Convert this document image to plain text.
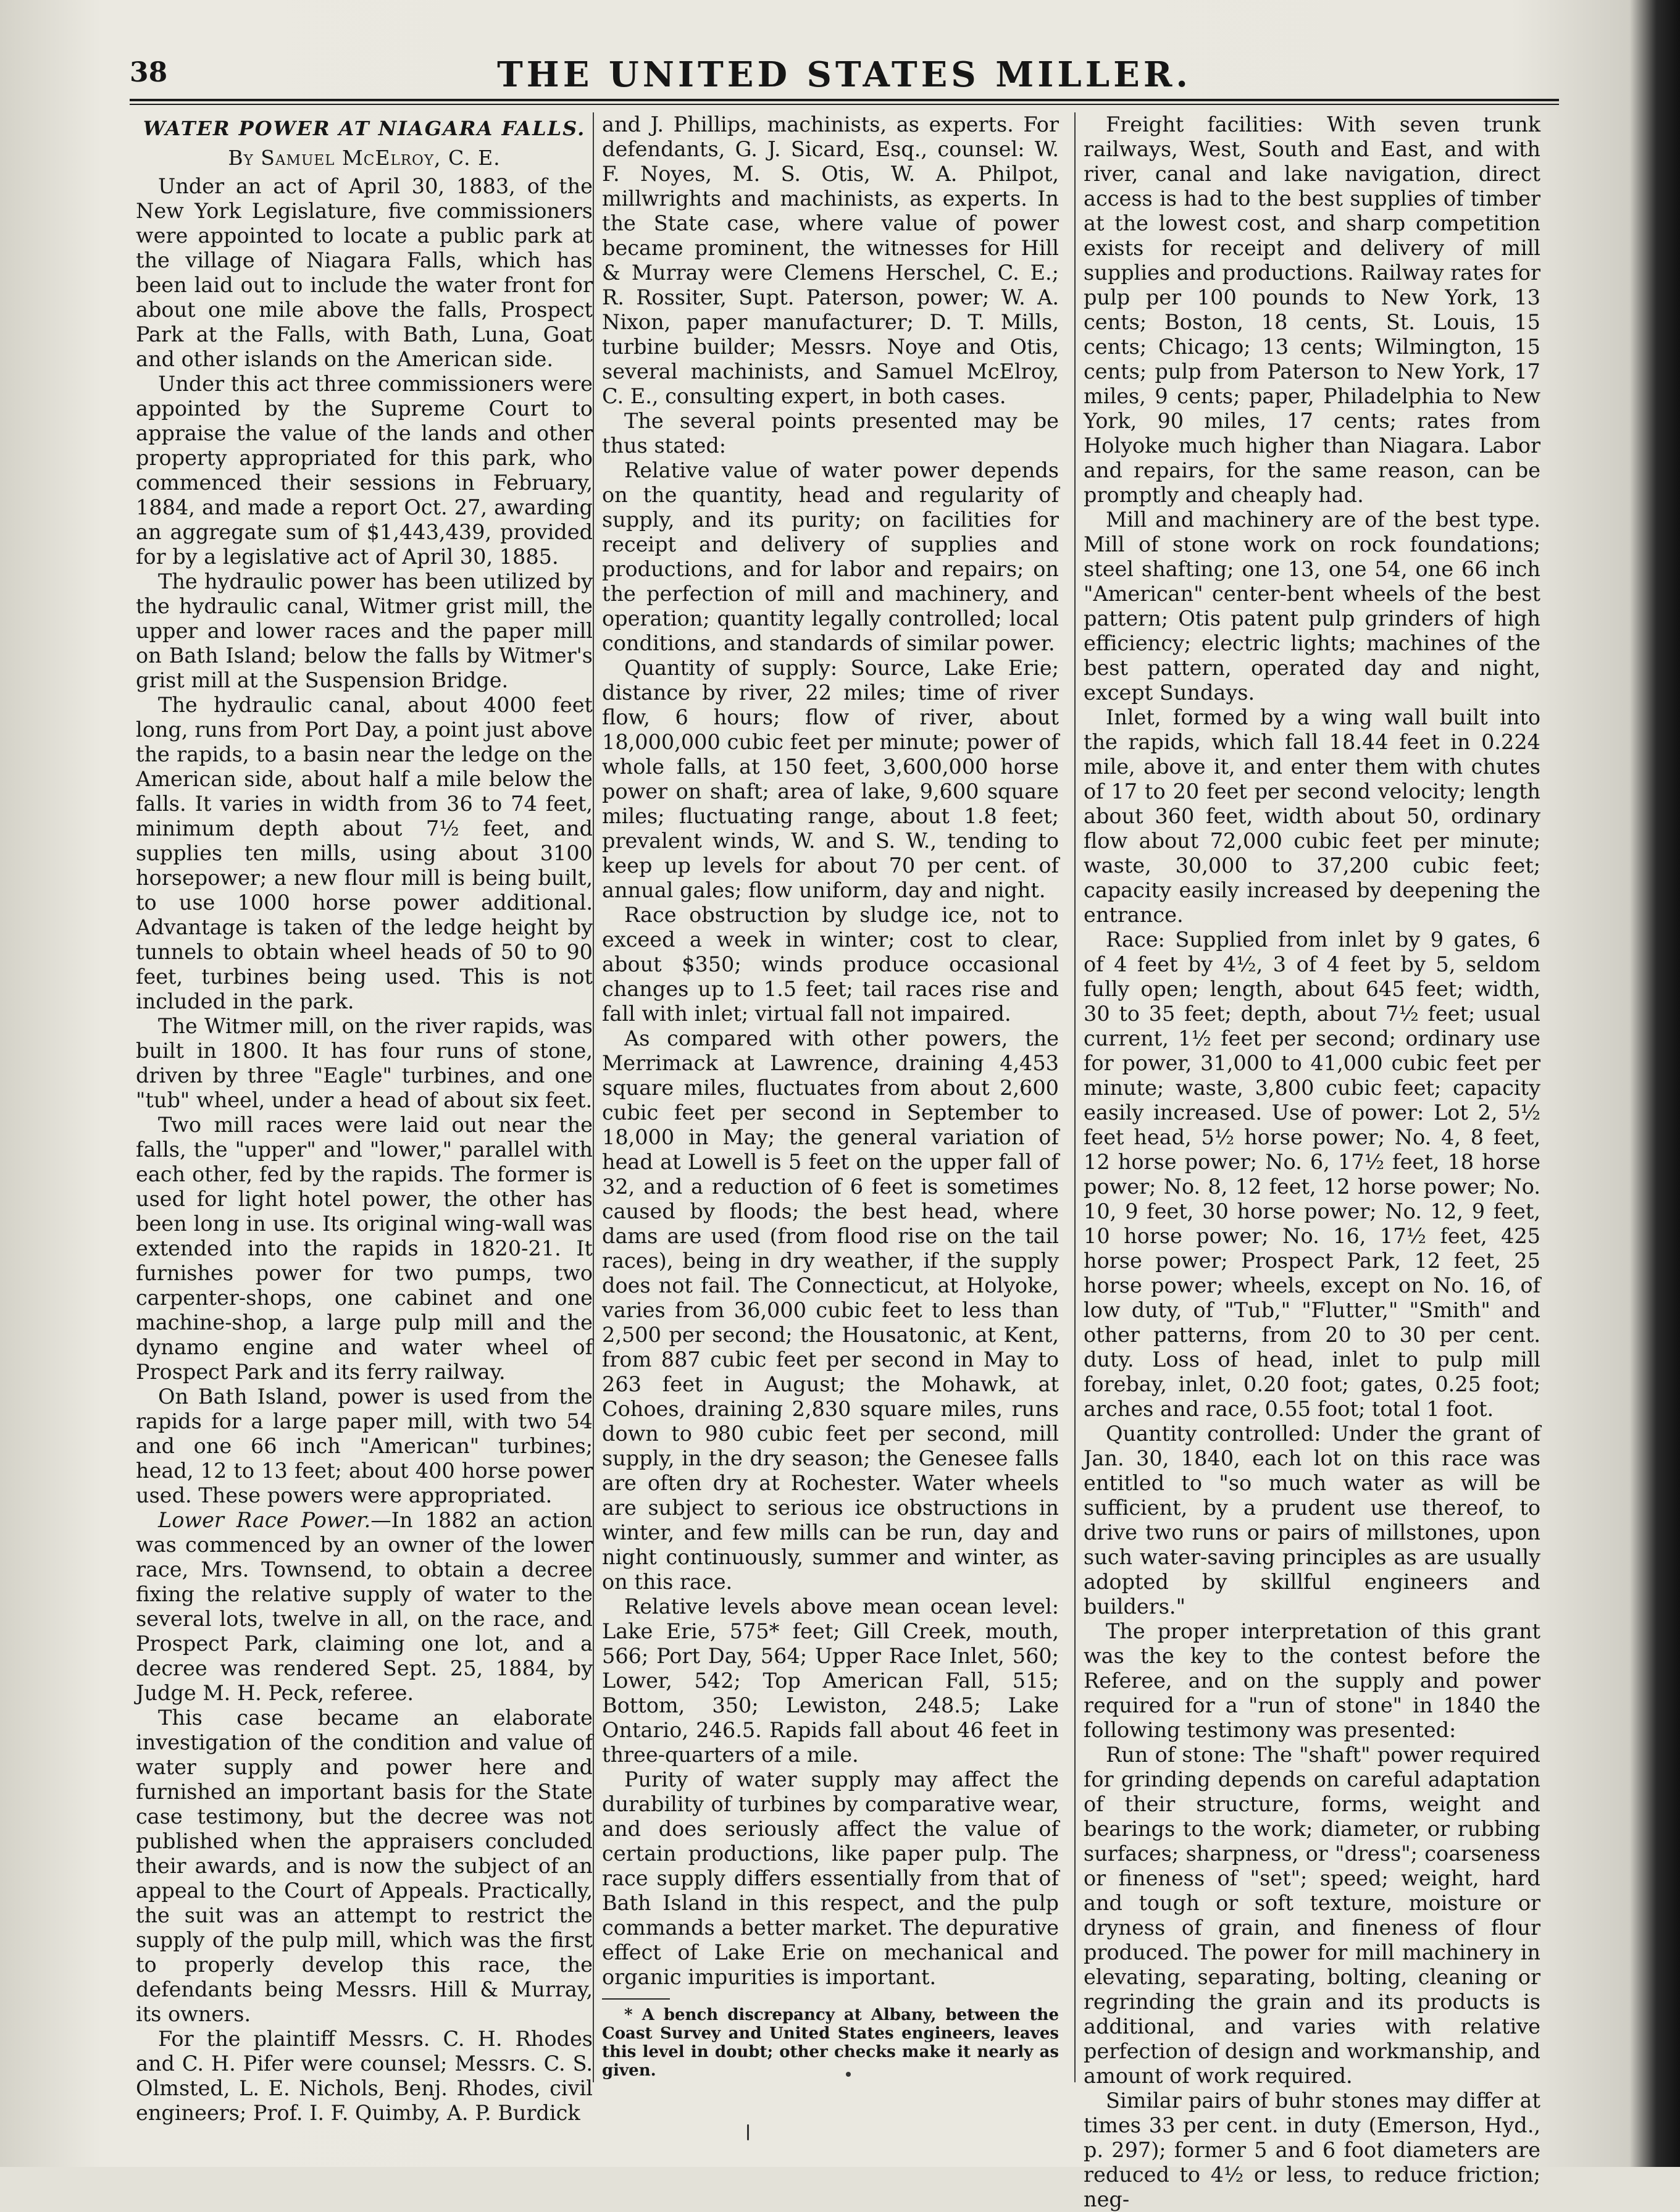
38	THE UNITED STATES MILLER.
WATER POWER AT NIAGARA FALLS.
By Samuel McElroy, C. E.

Under an act of April 30, 1883, of the New York Legislature, five commissioners were appointed to locate a public park at the village of Niagara Falls, which has been laid out to include the water front for about one mile above the falls, Prospect Park at the Falls, with Bath, Luna, Goat and other islands on the American side.

Under this act three commissioners were appointed by the Supreme Court to appraise the value of the lands and other property appropriated for this park, who commenced their sessions in February, 1884, and made a report Oct. 27, awarding an aggregate sum of $1,443,439, provided for by a legislative act of April 30, 1885.

The hydraulic power has been utilized by the hydraulic canal, Witmer grist mill, the upper and lower races and the paper mill on Bath Island; below the falls by Witmer's grist mill at the Suspension Bridge.

The hydraulic canal, about 4000 feet long, runs from Port Day, a point just above the rapids, to a basin near the ledge on the American side, about half a mile below the falls. It varies in width from 36 to 74 feet, minimum depth about 7½ feet, and supplies ten mills, using about 3100 horsepower; a new flour mill is being built, to use 1000 horse power additional. Advantage is taken of the ledge height by tunnels to obtain wheel heads of 50 to 90 feet, turbines being used. This is not included in the park.

The Witmer mill, on the river rapids, was built in 1800. It has four runs of stone, driven by three "Eagle" turbines, and one "tub" wheel, under a head of about six feet.

Two mill races were laid out near the falls, the "upper" and "lower," parallel with each other, fed by the rapids. The former is used for light hotel power, the other has been long in use. Its original wing-wall was extended into the rapids in 1820-21. It furnishes power for two pumps, two carpenter-shops, one cabinet and one machine-shop, a large pulp mill and the dynamo engine and water wheel of Prospect Park and its ferry railway.

On Bath Island, power is used from the rapids for a large paper mill, with two 54 and one 66 inch "American" turbines; head, 12 to 13 feet; about 400 horse power used. These powers were appropriated.

Lower Race Power.—In 1882 an action was commenced by an owner of the lower race, Mrs. Townsend, to obtain a decree fixing the relative supply of water to the several lots, twelve in all, on the race, and Prospect Park, claiming one lot, and a decree was rendered Sept. 25, 1884, by Judge M. H. Peck, referee.

This case became an elaborate investigation of the condition and value of water supply and power here and furnished an important basis for the State case testimony, but the decree was not published when the appraisers concluded their awards, and is now the subject of an appeal to the Court of Appeals. Practically, the suit was an attempt to restrict the supply of the pulp mill, which was the first to properly develop this race, the defendants being Messrs. Hill & Murray, its owners.

For the plaintiff Messrs. C. H. Rhodes and C. H. Pifer were counsel; Messrs. C. S. Olmsted, L. E. Nichols, Benj. Rhodes, civil engineers; Prof. I. F. Quimby, A. P. Burdick

and J. Phillips, machinists, as experts. For defendants, G. J. Sicard, Esq., counsel: W. F. Noyes, M. S. Otis, W. A. Philpot, millwrights and machinists, as experts. In the State case, where value of power became prominent, the witnesses for Hill & Murray were Clemens Herschel, C. E.; R. Rossiter, Supt. Paterson, power; W. A. Nixon, paper manufacturer; D. T. Mills, turbine builder; Messrs. Noye and Otis, several machinists, and Samuel McElroy, C. E., consulting expert, in both cases.

The several points presented may be thus stated:

Relative value of water power depends on the quantity, head and regularity of supply, and its purity; on facilities for receipt and delivery of supplies and productions, and for labor and repairs; on the perfection of mill and machinery, and operation; quantity legally controlled; local conditions, and standards of similar power.

Quantity of supply: Source, Lake Erie; distance by river, 22 miles; time of river flow, 6 hours; flow of river, about 18,000,000 cubic feet per minute; power of whole falls, at 150 feet, 3,600,000 horse power on shaft; area of lake, 9,600 square miles; fluctuating range, about 1.8 feet; prevalent winds, W. and S. W., tending to keep up levels for about 70 per cent. of annual gales; flow uniform, day and night.

Race obstruction by sludge ice, not to exceed a week in winter; cost to clear, about $350; winds produce occasional changes up to 1.5 feet; tail races rise and fall with inlet; virtual fall not impaired.

As compared with other powers, the Merrimack at Lawrence, draining 4,453 square miles, fluctuates from about 2,600 cubic feet per second in September to 18,000 in May; the general variation of head at Lowell is 5 feet on the upper fall of 32, and a reduction of 6 feet is sometimes caused by floods; the best head, where dams are used (from flood rise on the tail races), being in dry weather, if the supply does not fail. The Connecticut, at Holyoke, varies from 36,000 cubic feet to less than 2,500 per second; the Housatonic, at Kent, from 887 cubic feet per second in May to 263 feet in August; the Mohawk, at Cohoes, draining 2,830 square miles, runs down to 980 cubic feet per second, mill supply, in the dry season; the Genesee falls are often dry at Rochester. Water wheels are subject to serious ice obstructions in winter, and few mills can be run, day and night continuously, summer and winter, as on this race.

Relative levels above mean ocean level: Lake Erie, 575* feet; Gill Creek, mouth, 566; Port Day, 564; Upper Race Inlet, 560; Lower, 542; Top American Fall, 515; Bottom, 350; Lewiston, 248.5; Lake Ontario, 246.5. Rapids fall about 46 feet in three-quarters of a mile.

Purity of water supply may affect the durability of turbines by comparative wear, and does seriously affect the value of certain productions, like paper pulp. The race supply differs essentially from that of Bath Island in this respect, and the pulp commands a better market. The depurative effect of Lake Erie on mechanical and organic impurities is important.

* A bench discrepancy at Albany, between the Coast Survey and United States engineers, leaves this level in doubt; other checks make it nearly as given.

Freight facilities: With seven trunk railways, West, South and East, and with river, canal and lake navigation, direct access is had to the best supplies of timber at the lowest cost, and sharp competition exists for receipt and delivery of mill supplies and productions. Railway rates for pulp per 100 pounds to New York, 13 cents; Boston, 18 cents, St. Louis, 15 cents; Chicago; 13 cents; Wilmington, 15 cents; pulp from Paterson to New York, 17 miles, 9 cents; paper, Philadelphia to New York, 90 miles, 17 cents; rates from Holyoke much higher than Niagara. Labor and repairs, for the same reason, can be promptly and cheaply had.

Mill and machinery are of the best type. Mill of stone work on rock foundations; steel shafting; one 13, one 54, one 66 inch "American" center-bent wheels of the best pattern; Otis patent pulp grinders of high efficiency; electric lights; machines of the best pattern, operated day and night, except Sundays.

Inlet, formed by a wing wall built into the rapids, which fall 18.44 feet in 0.224 mile, above it, and enter them with chutes of 17 to 20 feet per second velocity; length about 360 feet, width about 50, ordinary flow about 72,000 cubic feet per minute; waste, 30,000 to 37,200 cubic feet; capacity easily increased by deepening the entrance.

Race: Supplied from inlet by 9 gates, 6 of 4 feet by 4½, 3 of 4 feet by 5, seldom fully open; length, about 645 feet; width, 30 to 35 feet; depth, about 7½ feet; usual current, 1½ feet per second; ordinary use for power, 31,000 to 41,000 cubic feet per minute; waste, 3,800 cubic feet; capacity easily increased. Use of power: Lot 2, 5½ feet head, 5½ horse power; No. 4, 8 feet, 12 horse power; No. 6, 17½ feet, 18 horse power; No. 8, 12 feet, 12 horse power; No. 10, 9 feet, 30 horse power; No. 12, 9 feet, 10 horse power; No. 16, 17½ feet, 425 horse power; Prospect Park, 12 feet, 25 horse power; wheels, except on No. 16, of low duty, of "Tub," "Flutter," "Smith" and other patterns, from 20 to 30 per cent. duty. Loss of head, inlet to pulp mill forebay, inlet, 0.20 foot; gates, 0.25 foot; arches and race, 0.55 foot; total 1 foot.

Quantity controlled: Under the grant of Jan. 30, 1840, each lot on this race was entitled to "so much water as will be sufficient, by a prudent use thereof, to drive two runs or pairs of millstones, upon such water-saving principles as are usually adopted by skillful engineers and builders."

The proper interpretation of this grant was the key to the contest before the Referee, and on the supply and power required for a "run of stone" in 1840 the following testimony was presented:

Run of stone: The "shaft" power required for grinding depends on careful adaptation of their structure, forms, weight and bearings to the work; diameter, or rubbing surfaces; sharpness, or "dress"; coarseness or fineness of "set"; speed; weight, hard and tough or soft texture, moisture or dryness of grain, and fineness of flour produced. The power for mill machinery in elevating, separating, bolting, cleaning or regrinding the grain and its products is additional, and varies with relative perfection of design and workmanship, and amount of work required.

Similar pairs of buhr stones may differ at times 33 per cent. in duty (Emerson, Hyd., p. 297); former 5 and 6 foot diameters are reduced to 4½ or less, to reduce friction; neg-
